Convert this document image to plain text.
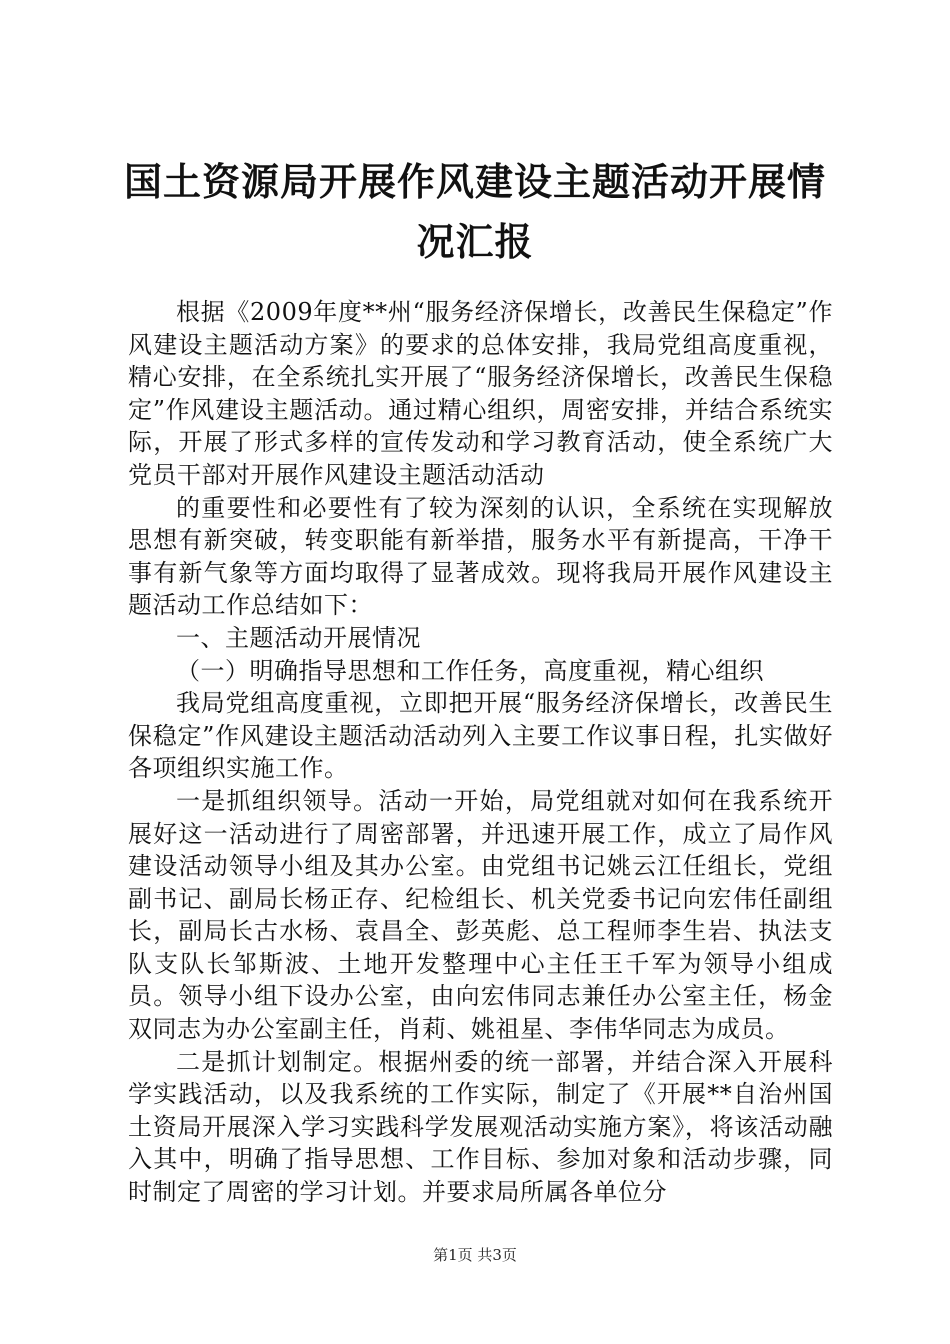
国土资源局开展作风建设主题活动开展情况汇报

根据《2009年度**州“服务经济保增长，改善民生保稳定”作风建设主题活动方案》的要求的总体安排，我局党组高度重视，精心安排，在全系统扎实开展了“服务经济保增长，改善民生保稳定”作风建设主题活动。通过精心组织，周密安排，并结合系统实际，开展了形式多样的宣传发动和学习教育活动，使全系统广大党员干部对开展作风建设主题活动活动

的重要性和必要性有了较为深刻的认识，全系统在实现解放思想有新突破，转变职能有新举措，服务水平有新提高，干净干事有新气象等方面均取得了显著成效。现将我局开展作风建设主题活动工作总结如下：

一、主题活动开展情况

（一）明确指导思想和工作任务，高度重视，精心组织

我局党组高度重视，立即把开展“服务经济保增长，改善民生保稳定”作风建设主题活动活动列入主要工作议事日程，扎实做好各项组织实施工作。

一是抓组织领导。活动一开始，局党组就对如何在我系统开展好这一活动进行了周密部署，并迅速开展工作，成立了局作风建设活动领导小组及其办公室。由党组书记姚云江任组长，党组副书记、副局长杨正存、纪检组长、机关党委书记向宏伟任副组长，副局长古水杨、袁昌全、彭英彪、总工程师李生岩、执法支队支队长邹斯波、土地开发整理中心主任王千军为领导小组成员。领导小组下设办公室，由向宏伟同志兼任办公室主任，杨金双同志为办公室副主任，肖莉、姚祖星、李伟华同志为成员。

二是抓计划制定。根据州委的统一部署，并结合深入开展科学实践活动，以及我系统的工作实际，制定了《开展**自治州国土资局开展深入学习实践科学发展观活动实施方案》，将该活动融入其中，明确了指导思想、工作目标、参加对象和活动步骤，同时制定了周密的学习计划。并要求局所属各单位分

第1页 共3页
